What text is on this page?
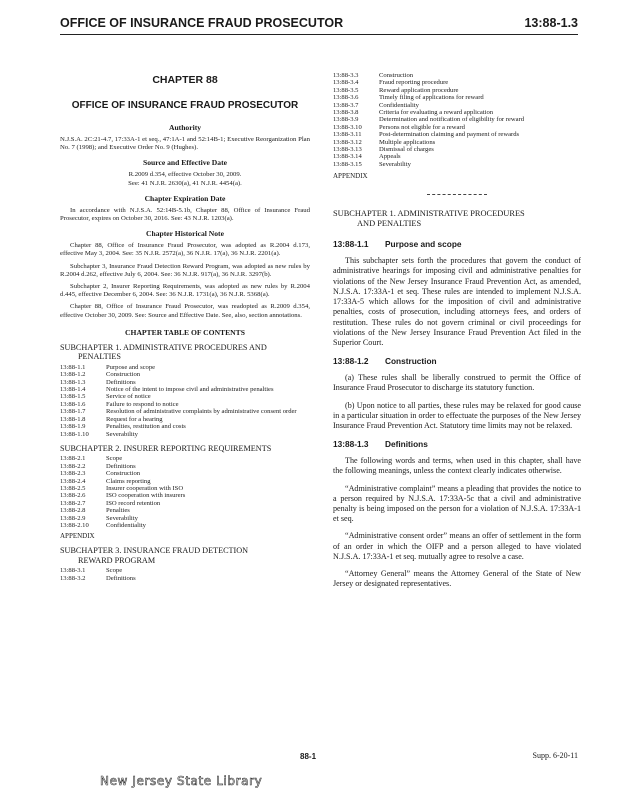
OFFICE OF INSURANCE FRAUD PROSECUTOR	13:88-1.3
CHAPTER 88
OFFICE OF INSURANCE FRAUD PROSECUTOR
Authority
N.J.S.A. 2C:21-4.7, 17:33A-1 et seq., 47:1A-1 and 52:14B-1; Executive Reorganization Plan No. 7 (1998); and Executive Order No. 9 (Hughes).
Source and Effective Date
R.2009 d.354, effective October 30, 2009.
See: 41 N.J.R. 2630(a), 41 N.J.R. 4454(a).
Chapter Expiration Date
In accordance with N.J.S.A. 52:14B-5.1b, Chapter 88, Office of Insurance Fraud Prosecutor, expires on October 30, 2016. See: 43 N.J.R. 1203(a).
Chapter Historical Note
Chapter 88, Office of Insurance Fraud Prosecutor, was adopted as R.2004 d.173, effective May 3, 2004. See: 35 N.J.R. 2572(a), 36 N.J.R. 17(a), 36 N.J.R. 2201(a).
Subchapter 3, Insurance Fraud Detection Reward Program, was adopted as new rules by R.2004 d.262, effective July 6, 2004. See: 36 N.J.R. 917(a), 36 N.J.R. 3297(b).
Subchapter 2, Insurer Reporting Requirements, was adopted as new rules by R.2004 d.445, effective December 6, 2004. See: 36 N.J.R. 1731(a), 36 N.J.R. 5368(a).
Chapter 88, Office of Insurance Fraud Prosecutor, was readopted as R.2009 d.354, effective October 30, 2009. See: Source and Effective Date. See, also, section annotations.
CHAPTER TABLE OF CONTENTS
SUBCHAPTER 1. ADMINISTRATIVE PROCEDURES AND
PENALTIES
13:88-1.1	Purpose and scope
13:88-1.2	Construction
13:88-1.3	Definitions
13:88-1.4	Notice of the intent to impose civil and administrative penalties
13:88-1.5	Service of notice
13:88-1.6	Failure to respond to notice
13:88-1.7	Resolution of administrative complaints by administrative consent order
13:88-1.8	Request for a hearing
13:88-1.9	Penalties, restitution and costs
13:88-1.10	Severability
SUBCHAPTER 2. INSURER REPORTING REQUIREMENTS
13:88-2.1	Scope
13:88-2.2	Definitions
13:88-2.3	Construction
13:88-2.4	Claims reporting
13:88-2.5	Insurer cooperation with ISO
13:88-2.6	ISO cooperation with insurers
13:88-2.7	ISO record retention
13:88-2.8	Penalties
13:88-2.9	Severability
13:88-2.10	Confidentiality
APPENDIX
SUBCHAPTER 3. INSURANCE FRAUD DETECTION
REWARD PROGRAM
13:88-3.1	Scope
13:88-3.2	Definitions
13:88-3.3	Construction
13:88-3.4	Fraud reporting procedure
13:88-3.5	Reward application procedure
13:88-3.6	Timely filing of applications for reward
13:88-3.7	Confidentiality
13:88-3.8	Criteria for evaluating a reward application
13:88-3.9	Determination and notification of eligibility for reward
13:88-3.10	Persons not eligible for a reward
13:88-3.11	Post-determination claiming and payment of rewards
13:88-3.12	Multiple applications
13:88-3.13	Dismissal of charges
13:88-3.14	Appeals
13:88-3.15	Severability
APPENDIX
SUBCHAPTER 1. ADMINISTRATIVE PROCEDURES
AND PENALTIES
13:88-1.1 Purpose and scope
This subchapter sets forth the procedures that govern the conduct of administrative hearings for imposing civil and administrative penalties for violations of the New Jersey Insurance Fraud Prevention Act, as amended, N.J.S.A. 17:33A-1 et seq. These rules are intended to implement N.J.S.A. 17:33A-5 which allows for the imposition of civil and administrative penalties, costs of prosecution, including attorneys fees, and orders of restitution. These rules do not govern criminal or civil proceedings for violations of the New Jersey Insurance Fraud Prevention Act filed in the Superior Court.
13:88-1.2 Construction
(a) These rules shall be liberally construed to permit the Office of Insurance Fraud Prosecutor to discharge its statutory function.
(b) Upon notice to all parties, these rules may be relaxed for good cause in a particular situation in order to effectuate the purposes of the New Jersey Insurance Fraud Prevention Act. Statutory time limits may not be relaxed.
13:88-1.3 Definitions
The following words and terms, when used in this chapter, shall have the following meanings, unless the context clearly indicates otherwise.
“Administrative complaint” means a pleading that provides the notice to a person required by N.J.S.A. 17:33A-5c that a civil and administrative penalty is being imposed on the person for a violation of N.J.S.A. 17:33A-1 et seq.
“Administrative consent order” means an offer of settlement in the form of an order in which the OIFP and a person alleged to have violated N.J.S.A. 17:33A-1 et seq. mutually agree to resolve a case.
“Attorney General” means the Attorney General of the State of New Jersey or designated representatives.
88-1	Supp. 6-20-11
New Jersey State Library
